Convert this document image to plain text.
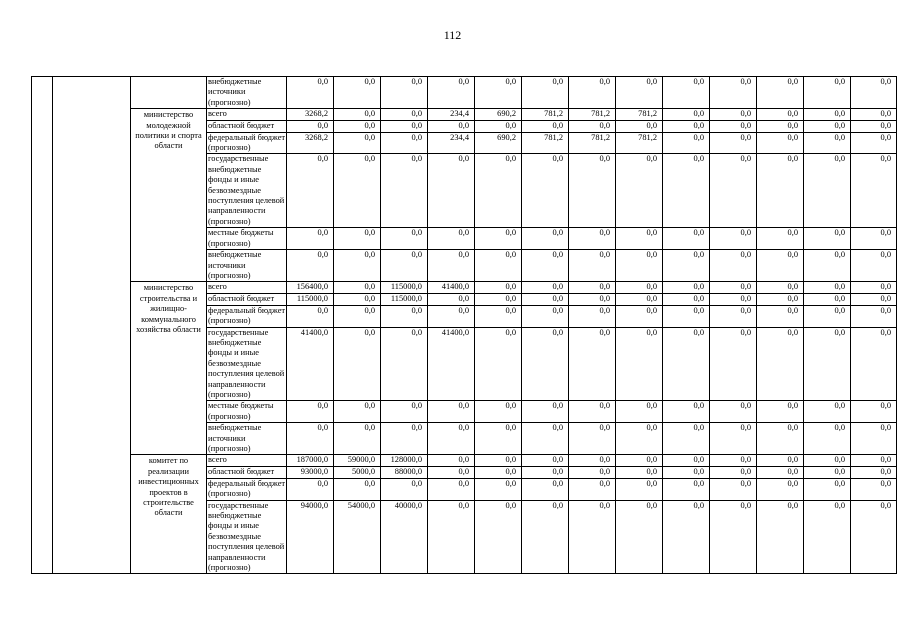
112
			внебюджетные источники (прогнозно)	0,0	0,0	0,0	0,0	0,0	0,0	0,0	0,0	0,0	0,0	0,0	0,0	0,0
		министерство молодежной политики и спорта области	всего	3268,2	0,0	0,0	234,4	690,2	781,2	781,2	781,2	0,0	0,0	0,0	0,0	0,0
			областной бюджет	0,0	0,0	0,0	0,0	0,0	0,0	0,0	0,0	0,0	0,0	0,0	0,0	0,0
			федеральный бюджет (прогнозно)	3268,2	0,0	0,0	234,4	690,2	781,2	781,2	781,2	0,0	0,0	0,0	0,0	0,0
			государственные внебюджетные фонды и иные безвозмездные поступления целевой направленности (прогнозно)	0,0	0,0	0,0	0,0	0,0	0,0	0,0	0,0	0,0	0,0	0,0	0,0	0,0
			местные бюджеты (прогнозно)	0,0	0,0	0,0	0,0	0,0	0,0	0,0	0,0	0,0	0,0	0,0	0,0	0,0
			внебюджетные источники (прогнозно)	0,0	0,0	0,0	0,0	0,0	0,0	0,0	0,0	0,0	0,0	0,0	0,0	0,0
		министерство строительства и жилищно-коммунального хозяйства области	всего	156400,0	0,0	115000,0	41400,0	0,0	0,0	0,0	0,0	0,0	0,0	0,0	0,0	0,0
			областной бюджет	115000,0	0,0	115000,0	0,0	0,0	0,0	0,0	0,0	0,0	0,0	0,0	0,0	0,0
			федеральный бюджет (прогнозно)	0,0	0,0	0,0	0,0	0,0	0,0	0,0	0,0	0,0	0,0	0,0	0,0	0,0
			государственные внебюджетные фонды и иные безвозмездные поступления целевой направленности (прогнозно)	41400,0	0,0	0,0	41400,0	0,0	0,0	0,0	0,0	0,0	0,0	0,0	0,0	0,0
			местные бюджеты (прогнозно)	0,0	0,0	0,0	0,0	0,0	0,0	0,0	0,0	0,0	0,0	0,0	0,0	0,0
			внебюджетные источники (прогнозно)	0,0	0,0	0,0	0,0	0,0	0,0	0,0	0,0	0,0	0,0	0,0	0,0	0,0
		комитет по реализации инвестиционных проектов в строительстве области	всего	187000,0	59000,0	128000,0	0,0	0,0	0,0	0,0	0,0	0,0	0,0	0,0	0,0	0,0
			областной бюджет	93000,0	5000,0	88000,0	0,0	0,0	0,0	0,0	0,0	0,0	0,0	0,0	0,0	0,0
			федеральный бюджет (прогнозно)	0,0	0,0	0,0	0,0	0,0	0,0	0,0	0,0	0,0	0,0	0,0	0,0	0,0
			государственные внебюджетные фонды и иные безвозмездные поступления целевой направленности (прогнозно)	94000,0	54000,0	40000,0	0,0	0,0	0,0	0,0	0,0	0,0	0,0	0,0	0,0	0,0
